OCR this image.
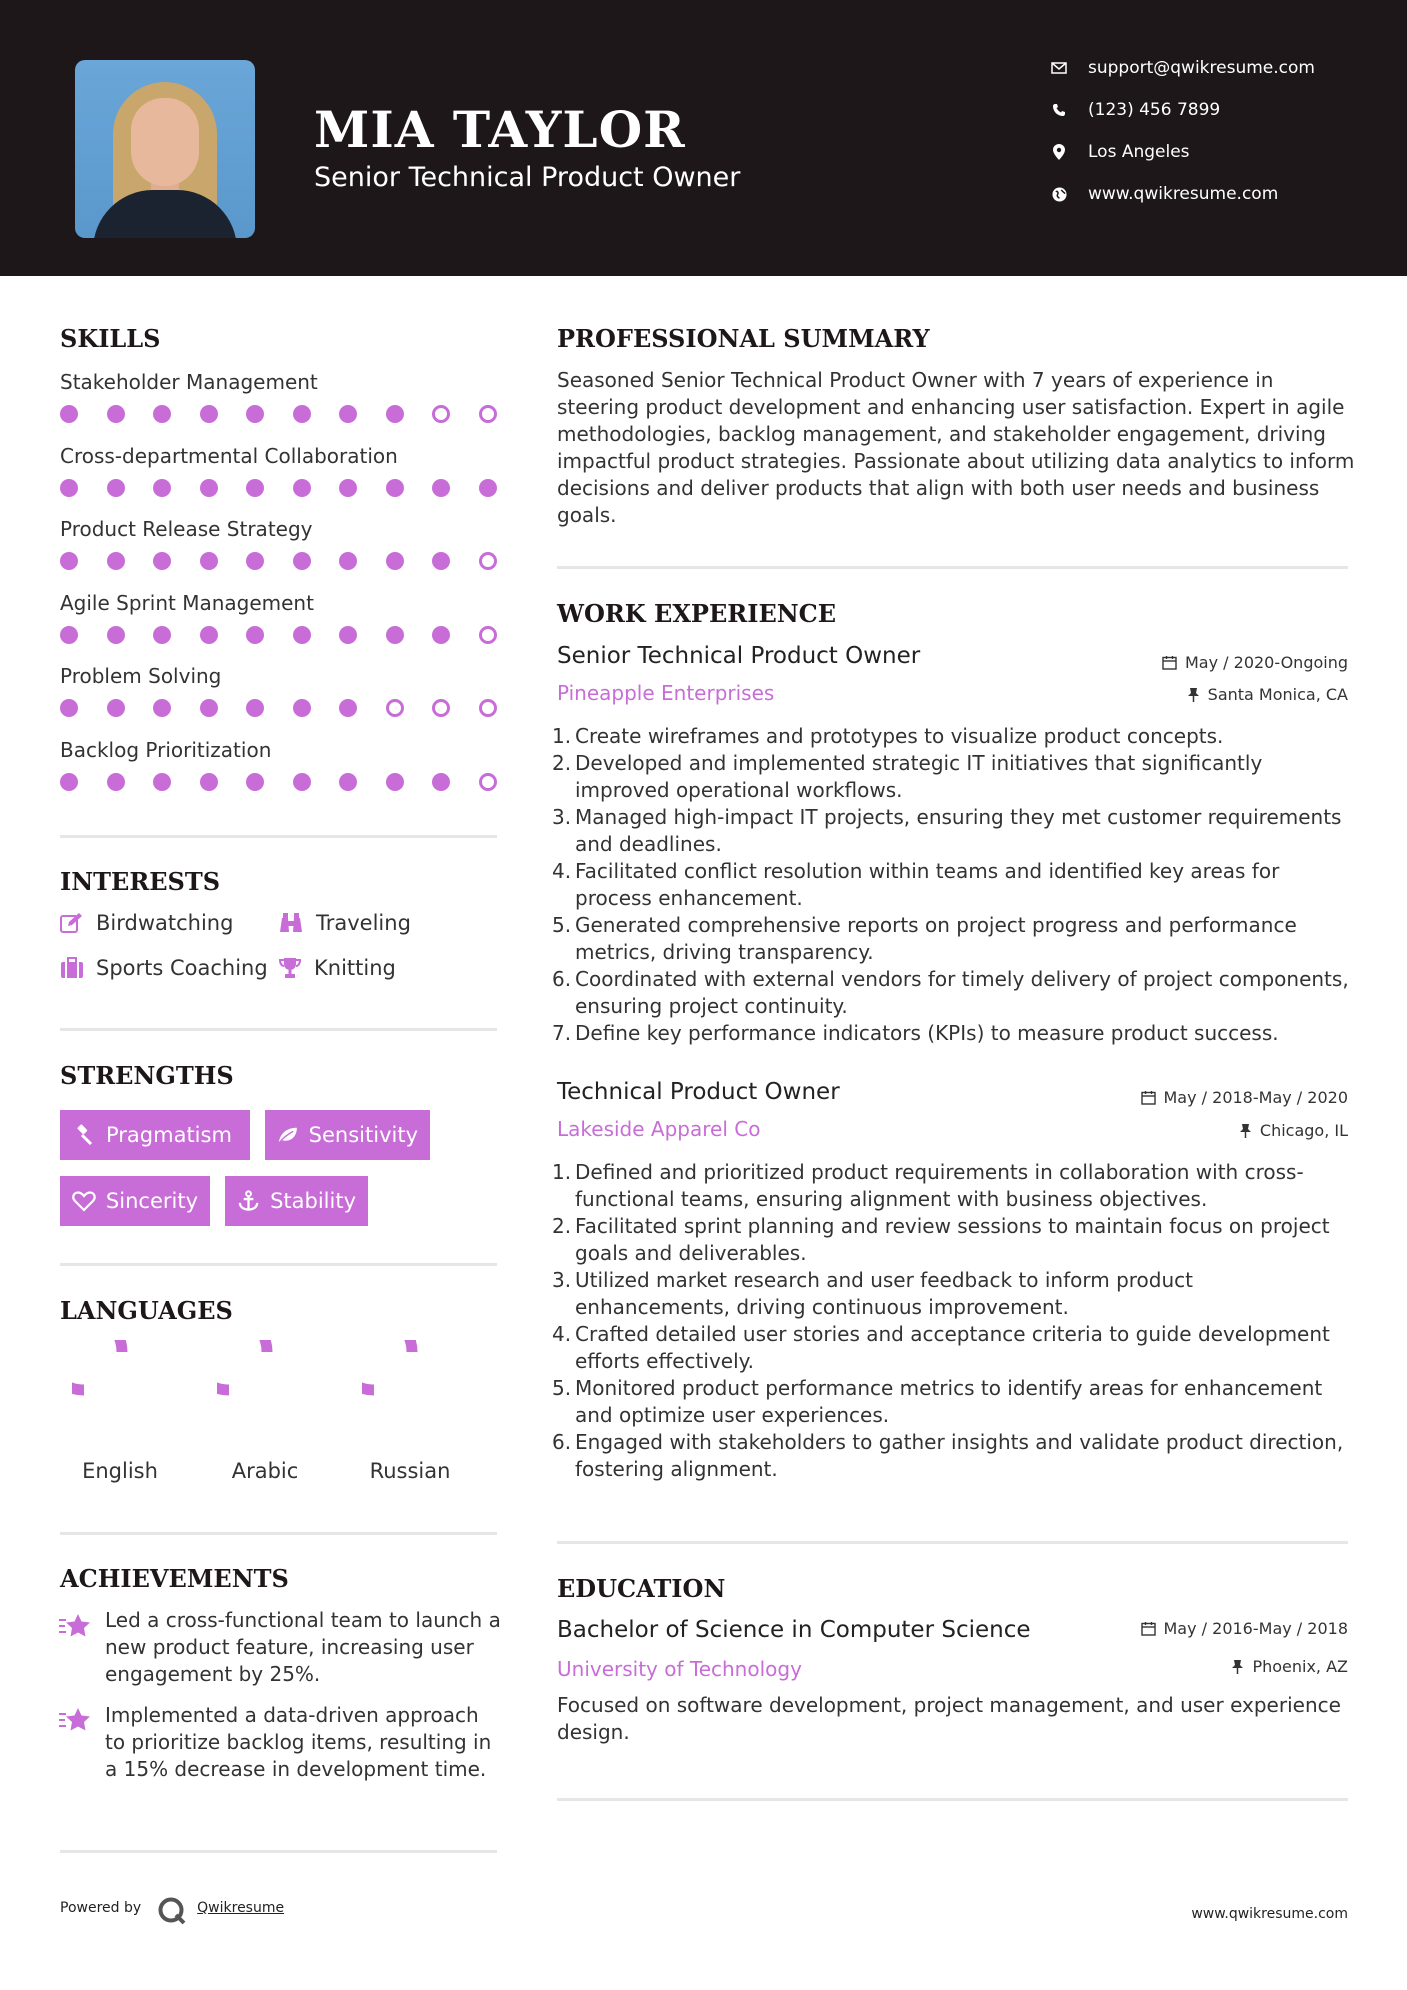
MIA TAYLOR
Senior Technical Product Owner
support@qwikresume.com
(123) 456 7899
Los Angeles
www.qwikresume.com
SKILLS
Stakeholder Management
Cross-departmental Collaboration
Product Release Strategy
Agile Sprint Management
Problem Solving
Backlog Prioritization
INTERESTS
Birdwatching	Traveling
Sports Coaching Knitting
STRENGTHS
Pragmatism	Sensitivity
Sincerity	Stability
LANGUAGES
English	Arabic	Russian
ACHIEVEMENTS
Led a cross-functional team to launch a new product feature, increasing user engagement by 25%.
Implemented a data-driven approach to prioritize backlog items, resulting in a 15% decrease in development time.
PROFESSIONAL SUMMARY
Seasoned Senior Technical Product Owner with 7 years of experience in steering product development and enhancing user satisfaction. Expert in agile methodologies, backlog management, and stakeholder engagement, driving impactful product strategies. Passionate about utilizing data analytics to inform decisions and deliver products that align with both user needs and business goals.
WORK EXPERIENCE
Senior Technical Product Owner	May / 2020-Ongoing
Pineapple Enterprises	Santa Monica, CA
1. Create wireframes and prototypes to visualize product concepts.
2. Developed and implemented strategic IT initiatives that significantly improved operational workflows.
3. Managed high-impact IT projects, ensuring they met customer requirements and deadlines.
4. Facilitated conflict resolution within teams and identified key areas for process enhancement.
5. Generated comprehensive reports on project progress and performance metrics, driving transparency.
6. Coordinated with external vendors for timely delivery of project components, ensuring project continuity.
7. Define key performance indicators (KPIs) to measure product success.
Technical Product Owner	May / 2018-May / 2020
Lakeside Apparel Co	Chicago, IL
1. Defined and prioritized product requirements in collaboration with cross-functional teams, ensuring alignment with business objectives.
2. Facilitated sprint planning and review sessions to maintain focus on project goals and deliverables.
3. Utilized market research and user feedback to inform product enhancements, driving continuous improvement.
4. Crafted detailed user stories and acceptance criteria to guide development efforts effectively.
5. Monitored product performance metrics to identify areas for enhancement and optimize user experiences.
6. Engaged with stakeholders to gather insights and validate product direction, fostering alignment.
EDUCATION
Bachelor of Science in Computer Science	May / 2016-May / 2018
University of Technology	Phoenix, AZ
Focused on software development, project management, and user experience design.
Powered by	Qwikresume	www.qwikresume.com
